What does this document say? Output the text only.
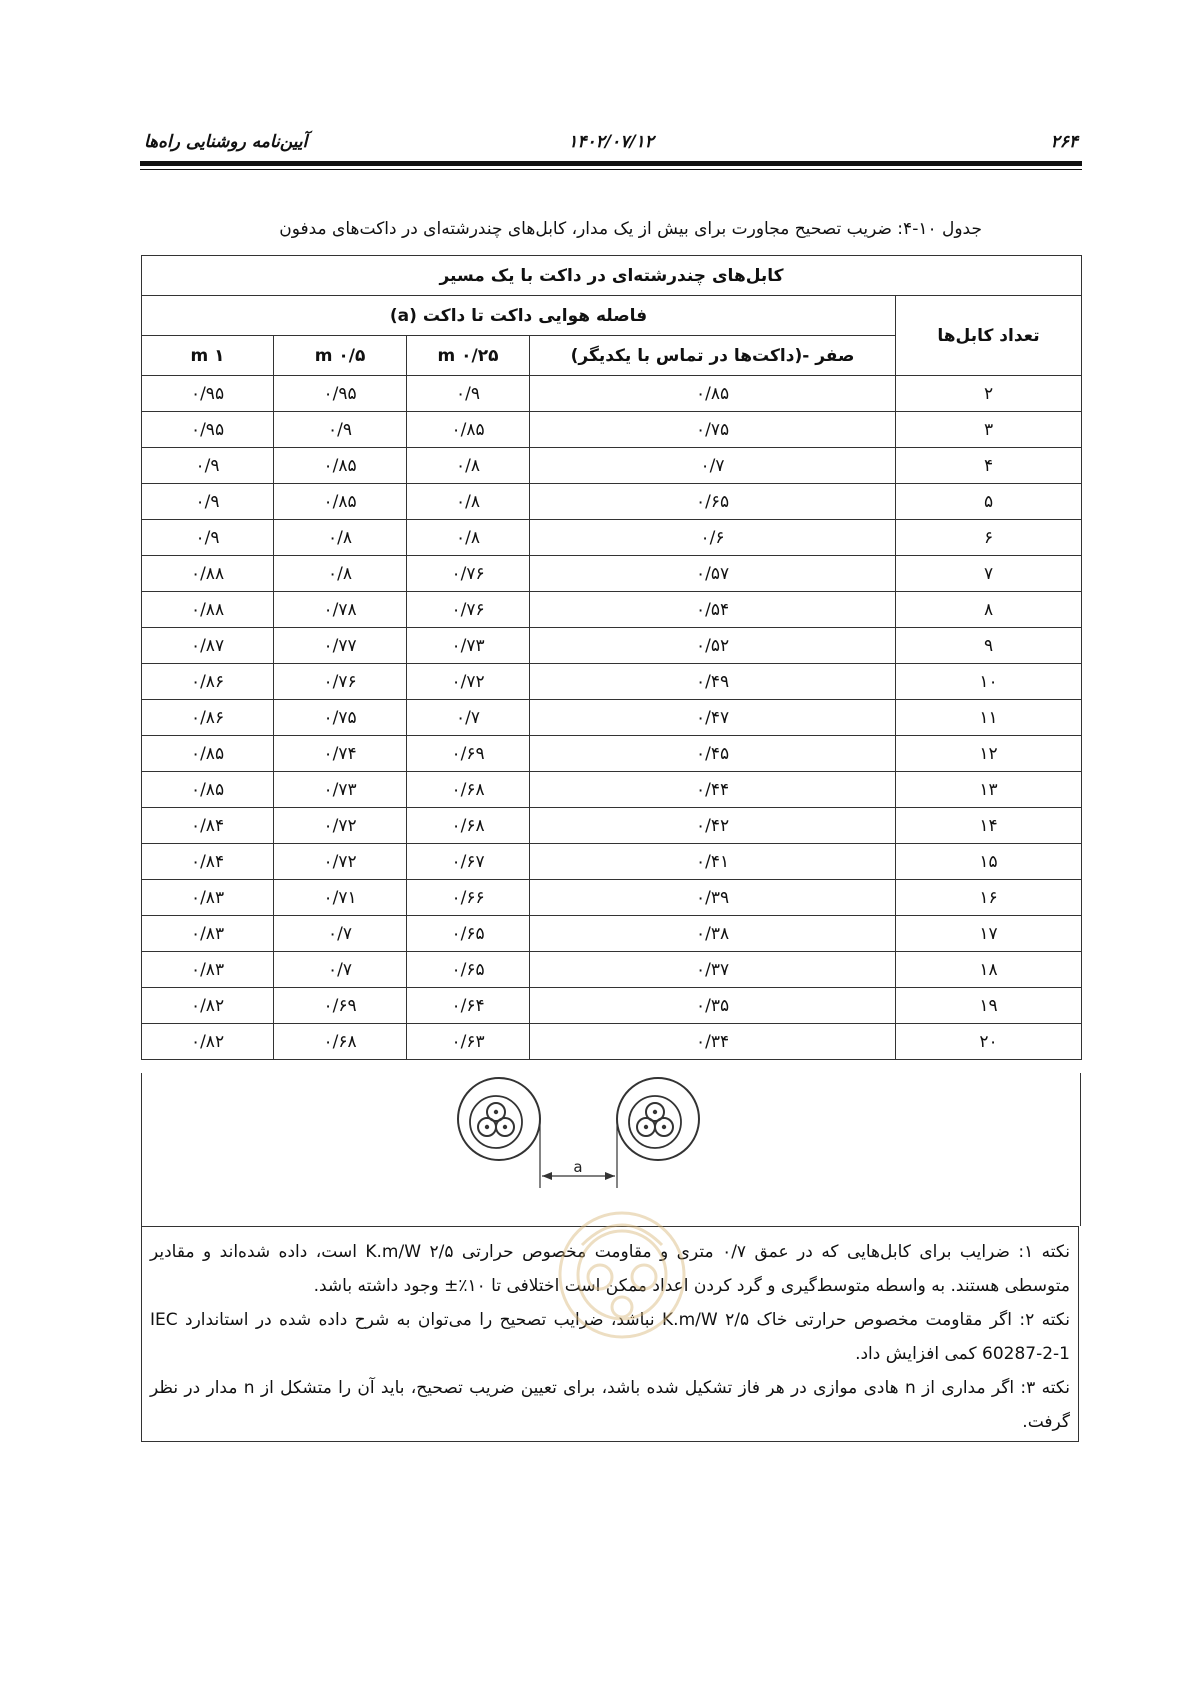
۲۶۴
۱۴۰۲/۰۷/۱۲
آیین‌نامه روشنایی راه‌ها
جدول ۱۰-۴: ضریب تصحیح مجاورت برای بیش از یک مدار، کابل‌های چندرشته‌ای در داکت‌های مدفون
کابل‌های چندرشته‌ای در داکت با یک مسیر				
تعداد کابل‌ها	فاصله هوایی داکت تا داکت (a)			
	صفر -(داکت‌ها در تماس با یکدیگر)	۰/۲۵ m	۰/۵ m	۱ m
۲	۰/۸۵	۰/۹	۰/۹۵	۰/۹۵
۳	۰/۷۵	۰/۸۵	۰/۹	۰/۹۵
۴	۰/۷	۰/۸	۰/۸۵	۰/۹
۵	۰/۶۵	۰/۸	۰/۸۵	۰/۹
۶	۰/۶	۰/۸	۰/۸	۰/۹
۷	۰/۵۷	۰/۷۶	۰/۸	۰/۸۸
۸	۰/۵۴	۰/۷۶	۰/۷۸	۰/۸۸
۹	۰/۵۲	۰/۷۳	۰/۷۷	۰/۸۷
۱۰	۰/۴۹	۰/۷۲	۰/۷۶	۰/۸۶
۱۱	۰/۴۷	۰/۷	۰/۷۵	۰/۸۶
۱۲	۰/۴۵	۰/۶۹	۰/۷۴	۰/۸۵
۱۳	۰/۴۴	۰/۶۸	۰/۷۳	۰/۸۵
۱۴	۰/۴۲	۰/۶۸	۰/۷۲	۰/۸۴
۱۵	۰/۴۱	۰/۶۷	۰/۷۲	۰/۸۴
۱۶	۰/۳۹	۰/۶۶	۰/۷۱	۰/۸۳
۱۷	۰/۳۸	۰/۶۵	۰/۷	۰/۸۳
۱۸	۰/۳۷	۰/۶۵	۰/۷	۰/۸۳
۱۹	۰/۳۵	۰/۶۴	۰/۶۹	۰/۸۲
۲۰	۰/۳۴	۰/۶۳	۰/۶۸	۰/۸۲
a

نکته ۱: ضرایب برای کابل‌هایی که در عمق ۰/۷ متری و مقاومت مخصوص حرارتی ۲/۵ K.m/W است، داده شده‌اند و مقادیر متوسطی هستند. به واسطه متوسط‌گیری و گرد کردن اعداد ممکن است اختلافی تا ۱۰٪± وجود داشته باشد.

نکته ۲: اگر مقاومت مخصوص حرارتی خاک ۲/۵ K.m/W نباشد، ضرایب تصحیح را می‌توان به شرح داده شده در استاندارد IEC 60287-2-1 کمی افزایش داد.

نکته ۳: اگر مداری از n هادی موازی در هر فاز تشکیل شده باشد، برای تعیین ضریب تصحیح، باید آن را متشکل از n مدار در نظر گرفت.
